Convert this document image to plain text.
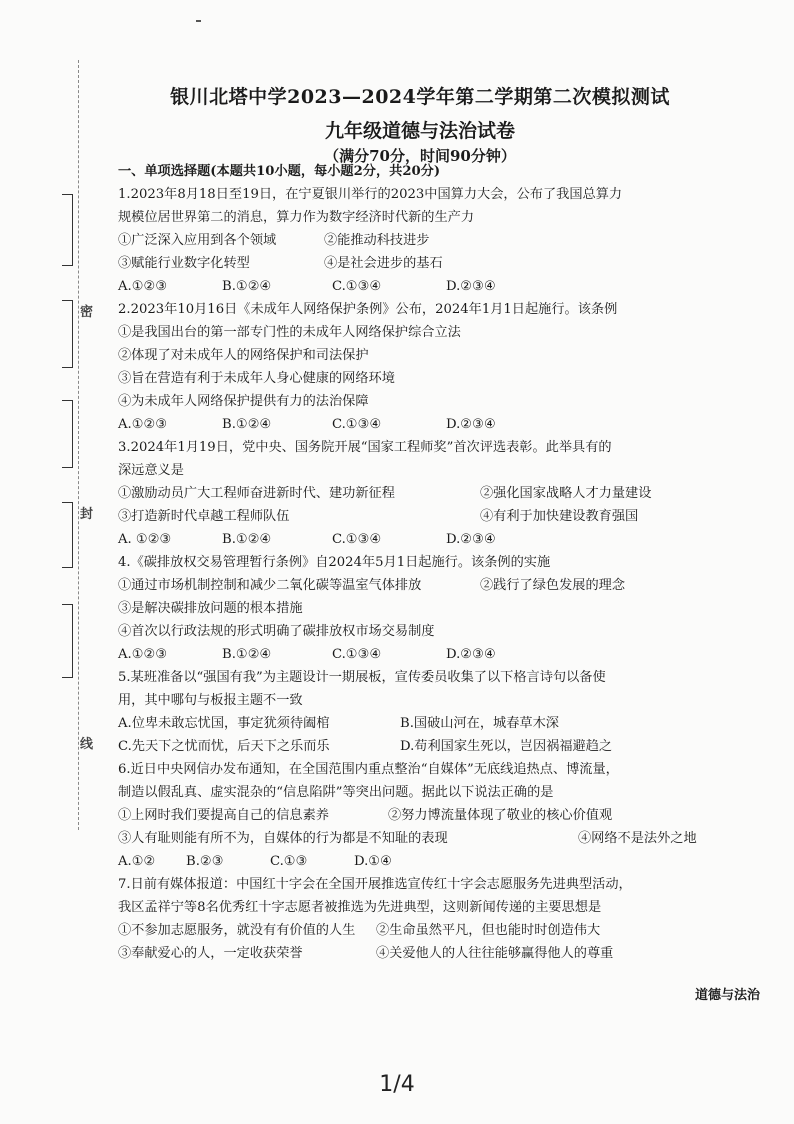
密
封
线

银川北塔中学2023—2024学年第二学期第二次模拟测试

九年级道德与法治试卷

（满分70分，时间90分钟）

一、单项选择题(本题共10小题，每小题2分，共20分)

1.2023年8月18日至19日，在宁夏银川举行的2023中国算力大会，公布了我国总算力

规模位居世界第二的消息，算力作为数字经济时代新的生产力

①广泛深入应用到各个领域	②能推动科技进步
③赋能行业数字化转型	④是社会进步的基石
A.①②③	B.①②④	C.①③④	D.②③④

2.2023年10月16日《未成年人网络保护条例》公布，2024年1月1日起施行。该条例

①是我国出台的第一部专门性的未成年人网络保护综合立法
②体现了对未成年人的网络保护和司法保护
③旨在营造有利于未成年人身心健康的网络环境
④为未成年人网络保护提供有力的法治保障
A.①②③	B.①②④	C.①③④	D.②③④

3.2024年1月19日，党中央、国务院开展“国家工程师奖”首次评选表彰。此举具有的

深远意义是

①激励动员广大工程师奋进新时代、建功新征程	②强化国家战略人才力量建设
③打造新时代卓越工程师队伍	④有利于加快建设教育强国
A. ①②③	B.①②④	C.①③④	D.②③④

4.《碳排放权交易管理暂行条例》自2024年5月1日起施行。该条例的实施

①通过市场机制控制和减少二氧化碳等温室气体排放	②践行了绿色发展的理念
③是解决碳排放问题的根本措施
④首次以行政法规的形式明确了碳排放权市场交易制度
A.①②③	B.①②④	C.①③④	D.②③④

5.某班准备以“强国有我”为主题设计一期展板，宣传委员收集了以下格言诗句以备使

用，其中哪句与板报主题不一致

A.位卑未敢忘忧国，事定犹须待阖棺	B.国破山河在，城春草木深
C.先天下之忧而忧，后天下之乐而乐	D.苟利国家生死以，岂因祸福避趋之

6.近日中央网信办发布通知，在全国范围内重点整治“自媒体”无底线追热点、博流量，

制造以假乱真、虚实混杂的“信息陷阱”等突出问题。据此以下说法正确的是

①上网时我们要提高自己的信息素养	②努力博流量体现了敬业的核心价值观
③人有耻则能有所不为，自媒体的行为都是不知耻的表现	④网络不是法外之地
A.①②	B.②③	C.①③	D.①④

7.日前有媒体报道：中国红十字会在全国开展推选宣传红十字会志愿服务先进典型活动，

我区孟祥宁等8名优秀红十字志愿者被推选为先进典型，这则新闻传递的主要思想是

①不参加志愿服务，就没有有价值的人生	②生命虽然平凡，但也能时时创造伟大
③奉献爱心的人，一定收获荣誉	④关爱他人的人往往能够赢得他人的尊重
道德与法治
1/4
